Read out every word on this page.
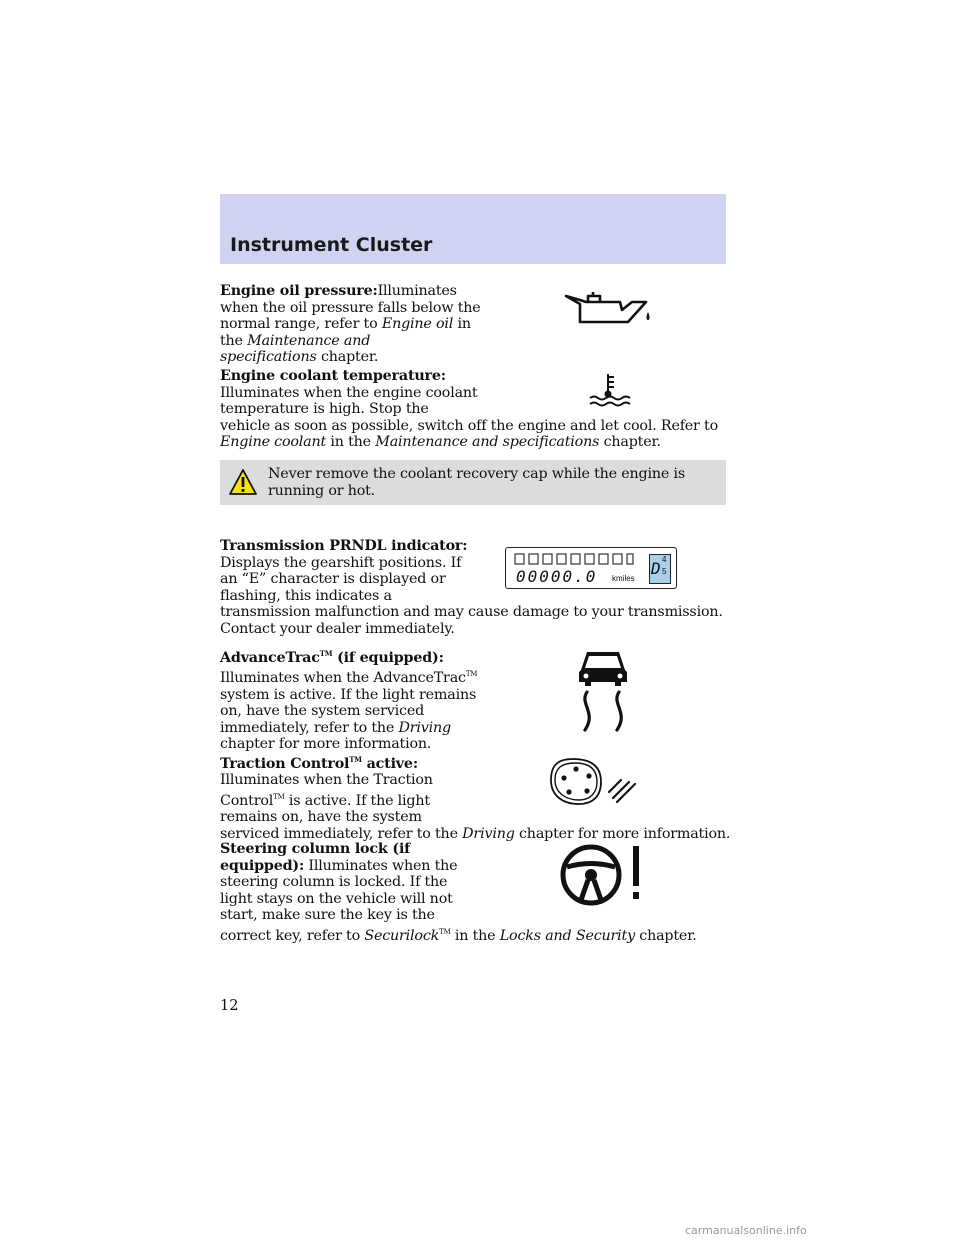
Instrument Cluster
Engine oil pressure:Illuminates
when the oil pressure falls below the
normal range, refer to Engine oil in
the Maintenance and
specifications chapter.
Engine coolant temperature:
Illuminates when the engine coolant
temperature is high. Stop the
vehicle as soon as possible, switch off the engine and let cool. Refer to
Engine coolant in the Maintenance and specifications chapter.
Never remove the coolant recovery cap while the engine is
running or hot.
Transmission PRNDL indicator:
Displays the gearshift positions. If
an “E” character is displayed or
flashing, this indicates a
transmission malfunction and may cause damage to your transmission.
Contact your dealer immediately.
00000.0 kmiles
D 4
5
AdvanceTrac™ (if equipped):
Illuminates when the AdvanceTrac™
system is active. If the light remains
on, have the system serviced
immediately, refer to the Driving
chapter for more information.
Traction Control™ active:
Illuminates when the Traction
Control™ is active. If the light
remains on, have the system
serviced immediately, refer to the Driving chapter for more information.
Steering column lock (if
equipped): Illuminates when the
steering column is locked. If the
light stays on the vehicle will not
start, make sure the key is the
correct key, refer to Securilock™ in the Locks and Security chapter.
12
carmanualsonline.info
